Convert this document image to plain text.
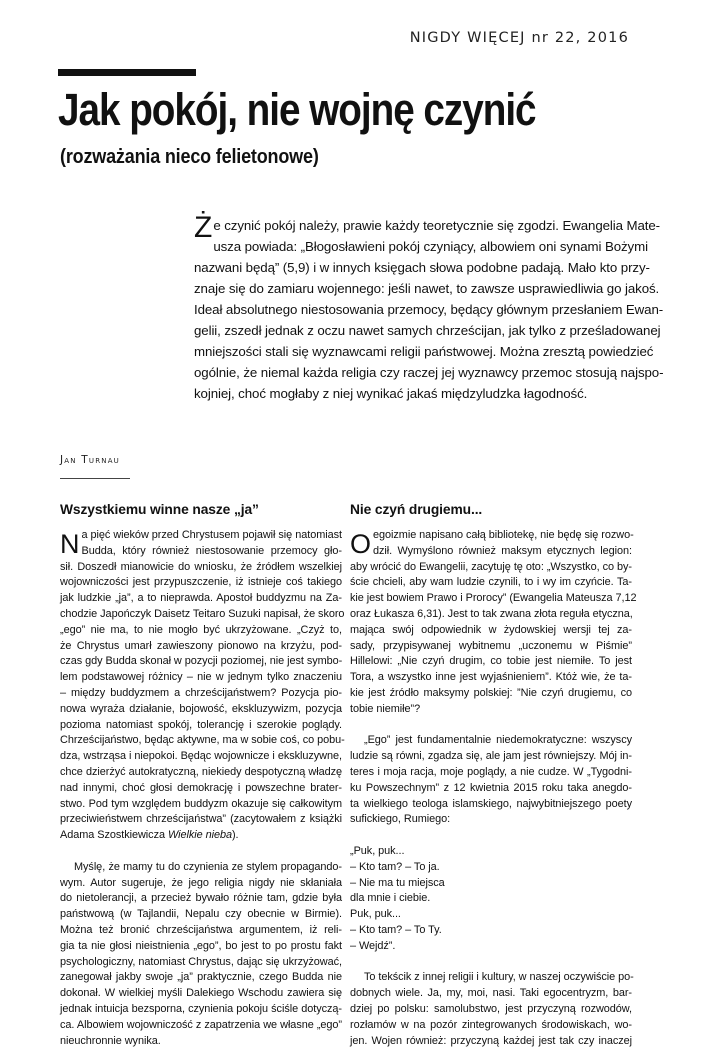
NIGDY WIĘCEJ nr 22, 2016
Jak pokój, nie wojnę czynić
(rozważania nieco felietonowe)
Ż e czynić pokój należy, prawie każdy teoretycznie się zgodzi. Ewangelia Mate-
usza powiada: „Błogosławieni pokój czyniący, albowiem oni synami Bożymi
nazwani będą” (5,9) i w innych księgach słowa podobne padają. Mało kto przy-
znaje się do zamiaru wojennego: jeśli nawet, to zawsze usprawiedliwia go jakoś.
Ideał absolutnego niestosowania przemocy, będący głównym przesłaniem Ewan-
gelii, zszedł jednak z oczu nawet samych chrześcijan, jak tylko z prześladowanej
mniejszości stali się wyznawcami religii państwowej. Można zresztą powiedzieć
ogólnie, że niemal każda religia czy raczej jej wyznawcy przemoc stosują najspo-
kojniej, choć mogłaby z niej wynikać jakaś międzyludzka łagodność.
Jan Turnau
Wszystkiemu winne nasze „ja”
N a pięć wieków przed Chrystusem pojawił się natomiast
Budda, który również niestosowanie przemocy gło-
sił. Doszedł mianowicie do wniosku, że źródłem wszelkiej
wojowniczości jest przypuszczenie, iż istnieje coś takiego
jak ludzkie „ja”, a to nieprawda. Apostoł buddyzmu na Za-
chodzie Japończyk Daisetz Teitaro Suzuki napisał, że skoro
„ego” nie ma, to nie mogło być ukrzyżowane. „Czyż to,
że Chrystus umarł zawieszony pionowo na krzyżu, pod-
czas gdy Budda skonał w pozycji poziomej, nie jest symbo-
lem podstawowej różnicy – nie w jednym tylko znaczeniu
– między buddyzmem a chrześcijaństwem? Pozycja pio-
nowa wyraża działanie, bojowość, ekskluzywizm, pozycja
pozioma natomiast spokój, tolerancję i szerokie poglądy.
Chrześcijaństwo, będąc aktywne, ma w sobie coś, co pobu-
dza, wstrząsa i niepokoi. Będąc wojownicze i ekskluzywne,
chce dzierżyć autokratyczną, niekiedy despotyczną władzę
nad innymi, choć głosi demokrację i powszechne brater-
stwo. Pod tym względem buddyzm okazuje się całkowitym
przeciwieństwem chrześcijaństwa” (zacytowałem z książki
Adama Szostkiewicza Wielkie nieba).
Myślę, że mamy tu do czynienia ze stylem propagando-
wym. Autor sugeruje, że jego religia nigdy nie skłaniała
do nietolerancji, a przecież bywało różnie tam, gdzie była
państwową (w Tajlandii, Nepalu czy obecnie w Birmie).
Można też bronić chrześcijaństwa argumentem, iż reli-
gia ta nie głosi nieistnienia „ego”, bo jest to po prostu fakt
psychologiczny, natomiast Chrystus, dając się ukrzyżować,
zanegował jakby swoje „ja” praktycznie, czego Budda nie
dokonał. W wielkiej myśli Dalekiego Wschodu zawiera się
jednak intuicja bezsporna, czynienia pokoju ściśle dotyczą-
ca. Albowiem wojowniczość z zapatrzenia we własne „ego”
nieuchronnie wynika.
Nie czyń drugiemu...
O egoizmie napisano całą bibliotekę, nie będę się rozwo-
dził. Wymyślono również maksym etycznych legion:
aby wrócić do Ewangelii, zacytuję tę oto: „Wszystko, co by-
ście chcieli, aby wam ludzie czynili, to i wy im czyńcie. Ta-
kie jest bowiem Prawo i Prorocy” (Ewangelia Mateusza 7,12
oraz Łukasza 6,31). Jest to tak zwana złota reguła etyczna,
mająca swój odpowiednik w żydowskiej wersji tej za-
sady, przypisywanej wybitnemu „uczonemu w Piśmie”
Hillelowi: „Nie czyń drugim, co tobie jest niemiłe. To jest
Tora, a wszystko inne jest wyjaśnieniem”. Któż wie, że ta-
kie jest źródło maksymy polskiej: ”Nie czyń drugiemu, co
tobie niemiłe”?
„Ego” jest fundamentalnie niedemokratyczne: wszyscy
ludzie są równi, zgadza się, ale jam jest równiejszy. Mój in-
teres i moja racja, moje poglądy, a nie cudze. W „Tygodni-
ku Powszechnym” z 12 kwietnia 2015 roku taka anegdo-
ta wielkiego teologa islamskiego, najwybitniejszego poety
sufickiego, Rumiego:
„Puk, puk...
– Kto tam? – To ja.
– Nie ma tu miejsca
dla mnie i ciebie.
Puk, puk...
– Kto tam? – To Ty.
– Wejdź”.
To tekścik z innej religii i kultury, w naszej oczywiście po-
dobnych wiele. Ja, my, moi, nasi. Taki egocentryzm, bar-
dziej po polsku: samolubstwo, jest przyczyną rozwodów,
rozłamów w na pozór zintegrowanych środowiskach, wo-
jen. Wojen również: przyczyną każdej jest tak czy inaczej
